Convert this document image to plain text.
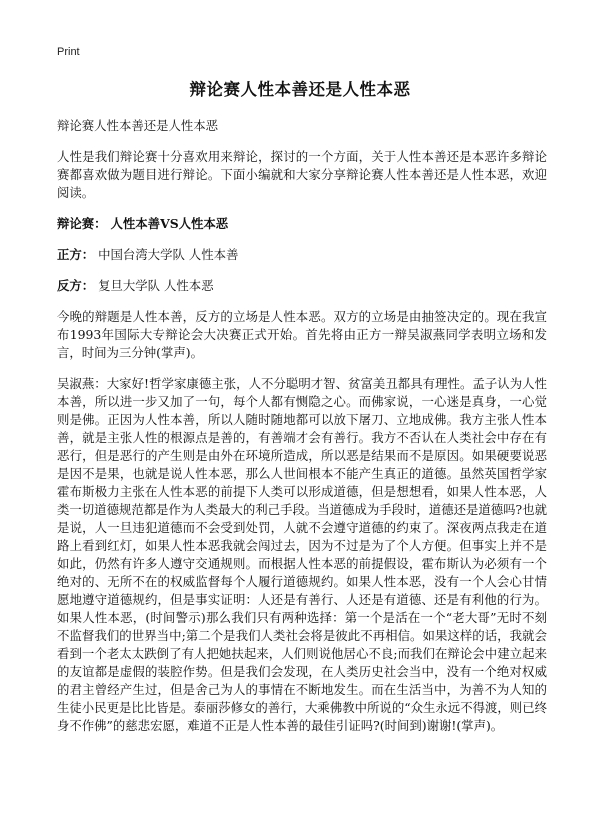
Print
辩论赛人性本善还是人性本恶

辩论赛人性本善还是人性本恶

人性是我们辩论赛十分喜欢用来辩论，探讨的一个方面，关于人性本善还是本恶许多辩论赛都喜欢做为题目进行辩论。下面小编就和大家分享辩论赛人性本善还是人性本恶，欢迎阅读。

辩论赛： 人性本善VS人性本恶

正方： 中国台湾大学队 人性本善

反方： 复旦大学队 人性本恶

今晚的辩题是人性本善，反方的立场是人性本恶。双方的立场是由抽签决定的。现在我宣布1993年国际大专辩论会大决赛正式开始。首先将由正方一辩吴淑燕同学表明立场和发言，时间为三分钟(掌声)。

吴淑燕：大家好!哲学家康德主张，人不分聪明才智、贫富美丑都具有理性。孟子认为人性本善，所以进一步又加了一句，每个人都有恻隐之心。而佛家说，一心迷是真身，一心觉则是佛。正因为人性本善，所以人随时随地都可以放下屠刀、立地成佛。我方主张人性本善，就是主张人性的根源点是善的，有善端才会有善行。我方不否认在人类社会中存在有恶行，但是恶行的产生则是由外在环境所造成，所以恶是结果而不是原因。如果硬要说恶是因不是果，也就是说人性本恶，那么人世间根本不能产生真正的道德。虽然英国哲学家霍布斯极力主张在人性本恶的前提下人类可以形成道德，但是想想看，如果人性本恶，人类一切道德规范都是作为人类最大的利己手段。当道德成为手段时，道德还是道德吗?也就是说，人一旦违犯道德而不会受到处罚，人就不会遵守道德的约束了。深夜两点我走在道路上看到红灯，如果人性本恶我就会闯过去，因为不过是为了个人方便。但事实上并不是如此，仍然有许多人遵守交通规则。而根据人性本恶的前提假设，霍布斯认为必须有一个绝对的、无所不在的权威监督每个人履行道德规约。如果人性本恶，没有一个人会心甘情愿地遵守道德规约，但是事实证明：人还是有善行、人还是有道德、还是有利他的行为。如果人性本恶，(时间警示)那么我们只有两种选择：第一个是活在一个“老大哥”无时不刻不监督我们的世界当中;第二个是我们人类社会将是彼此不再相信。如果这样的话，我就会看到一个老太太跌倒了有人把她扶起来，人们则说他居心不良;而我们在辩论会中建立起来的友谊都是虚假的装腔作势。但是我们会发现，在人类历史社会当中，没有一个绝对权威的君主曾经产生过，但是舍己为人的事情在不断地发生。而在生活当中，为善不为人知的生徒小民更是比比皆是。泰丽莎修女的善行，大乘佛教中所说的“众生永远不得渡，则已终身不作佛”的慈悲宏愿，难道不正是人性本善的最佳引证吗?(时间到)谢谢!(掌声)。
